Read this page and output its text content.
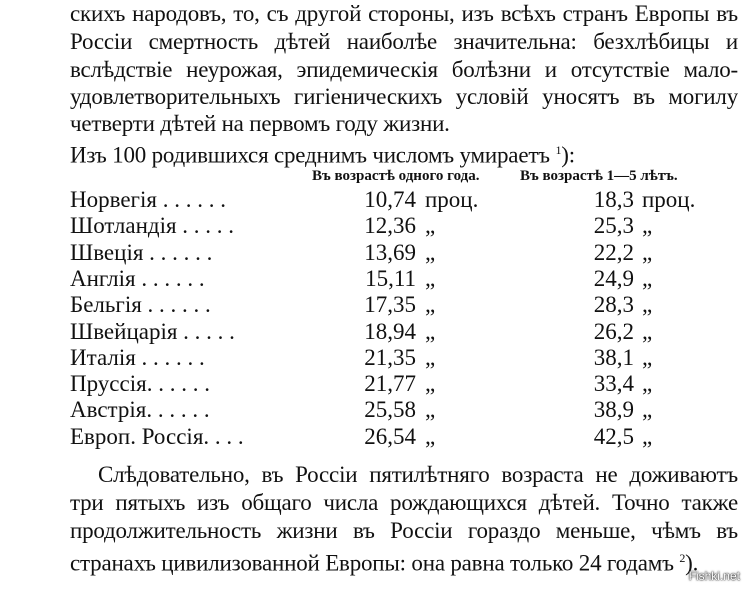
скихъ народовъ, то, съ другой стороны, изъ всѣхъ странъ Европы въ
Россіи смертность дѣтей наиболѣе значительна: безхлѣбицы и
вслѣдствіе неурожая, эпидемическія болѣзни и отсутствіе мало-
удовлетворительныхъ гигіеническихъ условій уносятъ въ могилу
четверти дѣтей на первомъ году жизни.
Изъ 100 родившихся среднимъ числомъ умираетъ $^1$):
Въ возрастѣ одного года.	Въ возрастѣ 1—5 лѣтъ.
Норвегія . . . . . .	10,74 проц.	18,3 проц.
Шотландія . . . . .	12,36 „	25,3 „
Швеція . . . . . .	13,69 „	22,2 „
Англія . . . . . .	15,11 „	24,9 „
Бельгія . . . . . .	17,35 „	28,3 „
Швейцарія . . . . .	18,94 „	26,2 „
Италія . . . . . .	21,35 „	38,1 „
Пруссія. . . . . .	21,77 „	33,4 „
Австрія. . . . . .	25,58 „	38,9 „
Европ. Россія. . . .	26,54 „	42,5 „
Слѣдовательно, въ Россіи пятилѣтняго возраста не доживаютъ
три пятыхъ изъ общаго числа рождающихся дѣтей. Точно также
продолжительность жизни въ Россіи гораздо меньше, чѣмъ въ
странахъ цивилизованной Европы: она равна только 24 годамъ $^2$).
Fishki.net
